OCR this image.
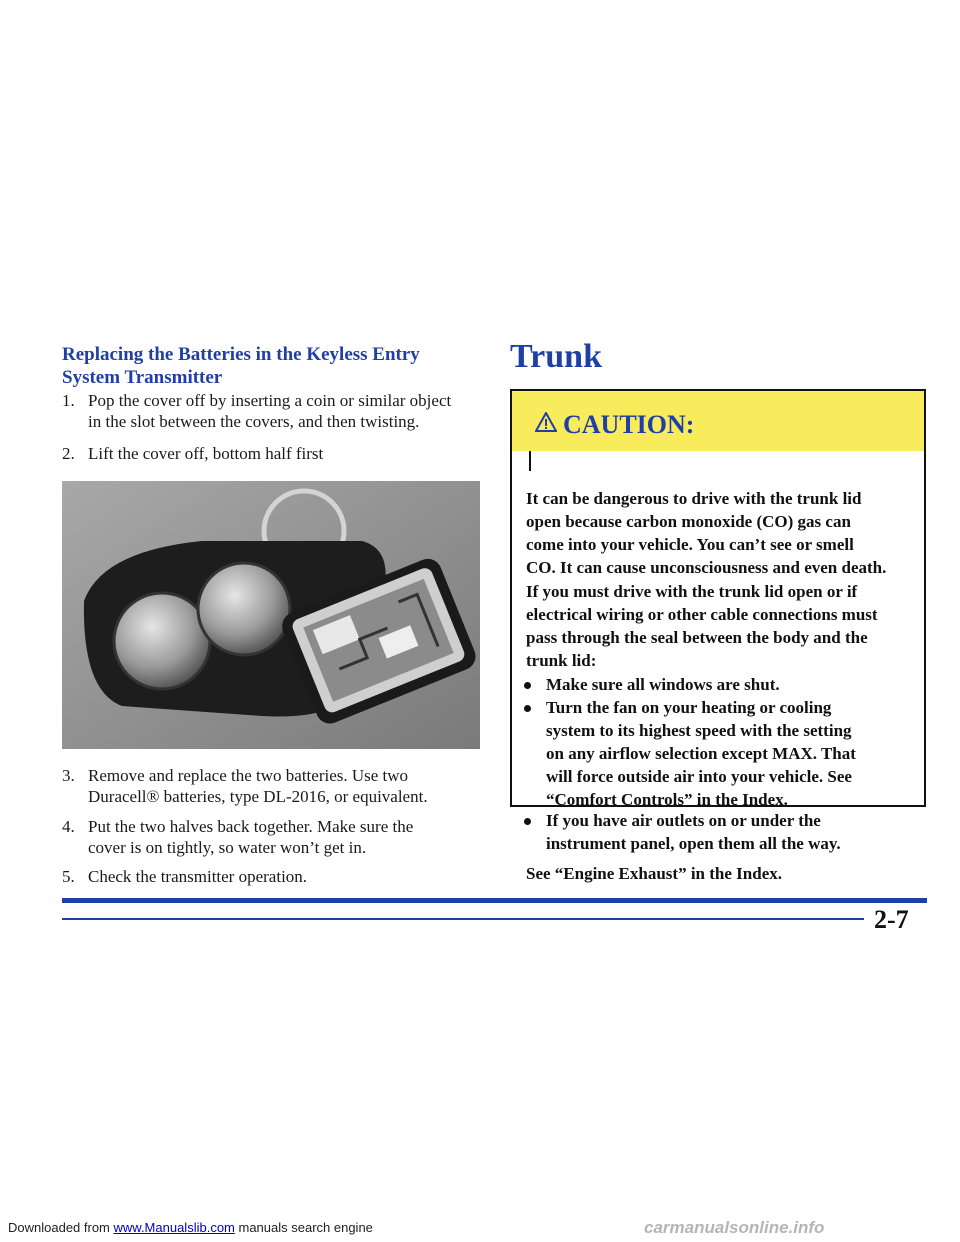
Replacing the Batteries in the Keyless Entry System Transmitter
1. Pop the cover off by inserting a coin or similar object
in the slot between the covers, and then twisting.
2. Lift the cover off, bottom half first
3. Remove and replace the two batteries. Use two
Duracell® batteries, type DL-2016, or equivalent.
4. Put the two halves back together. Make sure the
cover is on tightly, so water won’t get in.
5. Check the transmitter operation.
Trunk
CAUTION:
It can be dangerous to drive with the trunk lid
open because carbon monoxide (CO) gas can
come into your vehicle. You can’t see or smell
CO. It can cause unconsciousness and even death.
If you must drive with the trunk lid open or if
electrical wiring or other cable connections must
pass through the seal between the body and the
trunk lid:
Make sure all windows are shut.
Turn the fan on your heating or cooling
system to its highest speed with the setting
on any airflow selection except MAX. That
will force outside air into your vehicle. See
“Comfort Controls” in the Index.
If you have air outlets on or under the
instrument panel, open them all the way.
See “Engine Exhaust” in the Index.
2-7
Downloaded from www.Manualslib.com manuals search engine	carmanualsonline.info
